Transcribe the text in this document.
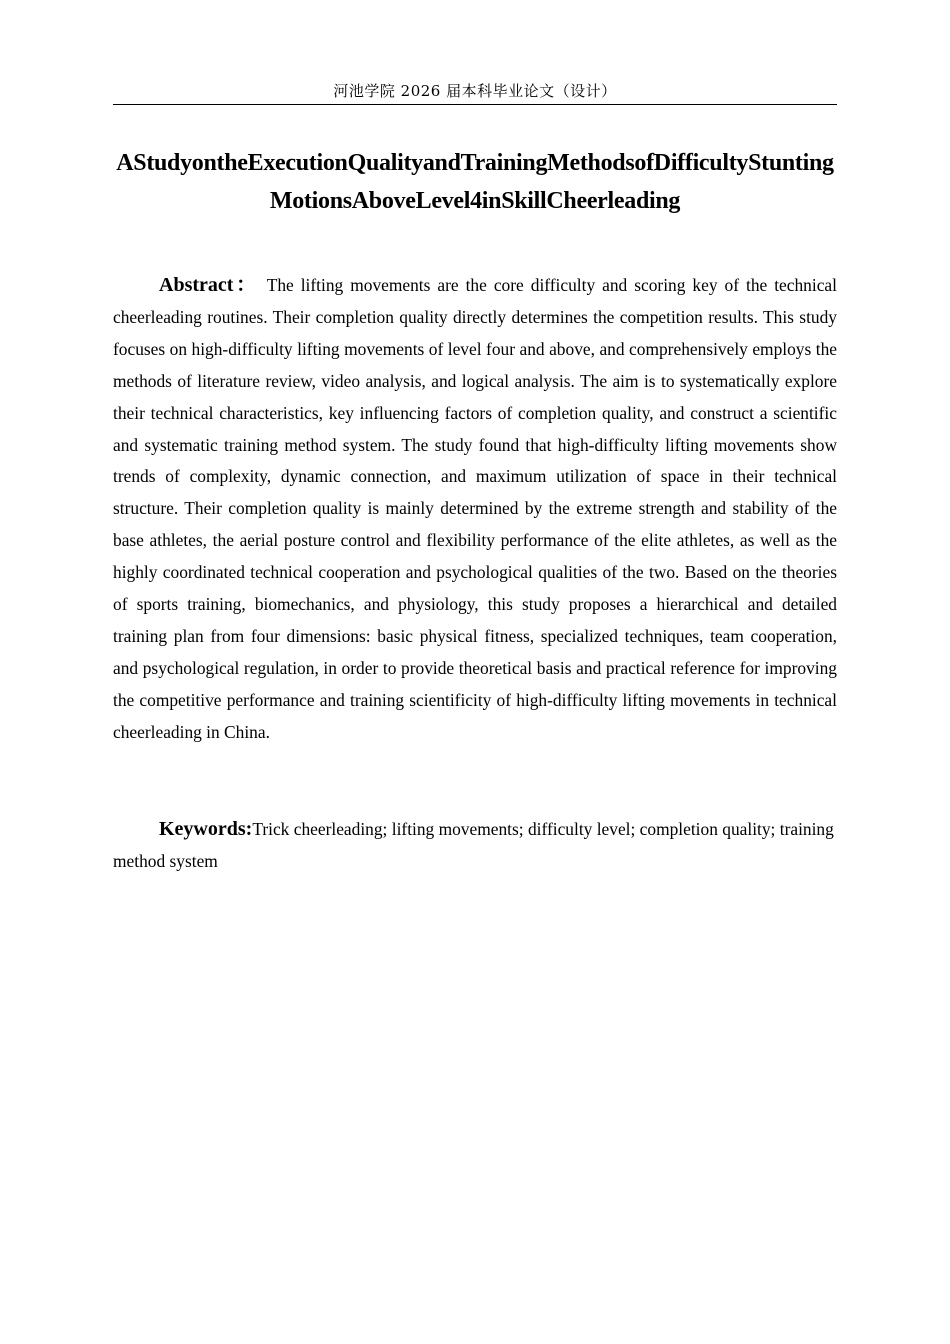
河池学院 2026 届本科毕业论文（设计）
AStudyontheExecutionQualityandTrainingMethodsofDifficultyStuntingMotionsAboveLevel4inSkillCheerleading

Abstract： The lifting movements are the core difficulty and scoring key of the technical cheerleading routines. Their completion quality directly determines the competition results. This study focuses on high-difficulty lifting movements of level four and above, and comprehensively employs the methods of literature review, video analysis, and logical analysis. The aim is to systematically explore their technical characteristics, key influencing factors of completion quality, and construct a scientific and systematic training method system. The study found that high-difficulty lifting movements show trends of complexity, dynamic connection, and maximum utilization of space in their technical structure. Their completion quality is mainly determined by the extreme strength and stability of the base athletes, the aerial posture control and flexibility performance of the elite athletes, as well as the highly coordinated technical cooperation and psychological qualities of the two. Based on the theories of sports training, biomechanics, and physiology, this study proposes a hierarchical and detailed training plan from four dimensions: basic physical fitness, specialized techniques, team cooperation, and psychological regulation, in order to provide theoretical basis and practical reference for improving the competitive performance and training scientificity of high-difficulty lifting movements in technical cheerleading in China.

Keywords:Trick cheerleading; lifting movements; difficulty level; completion quality; training method system
